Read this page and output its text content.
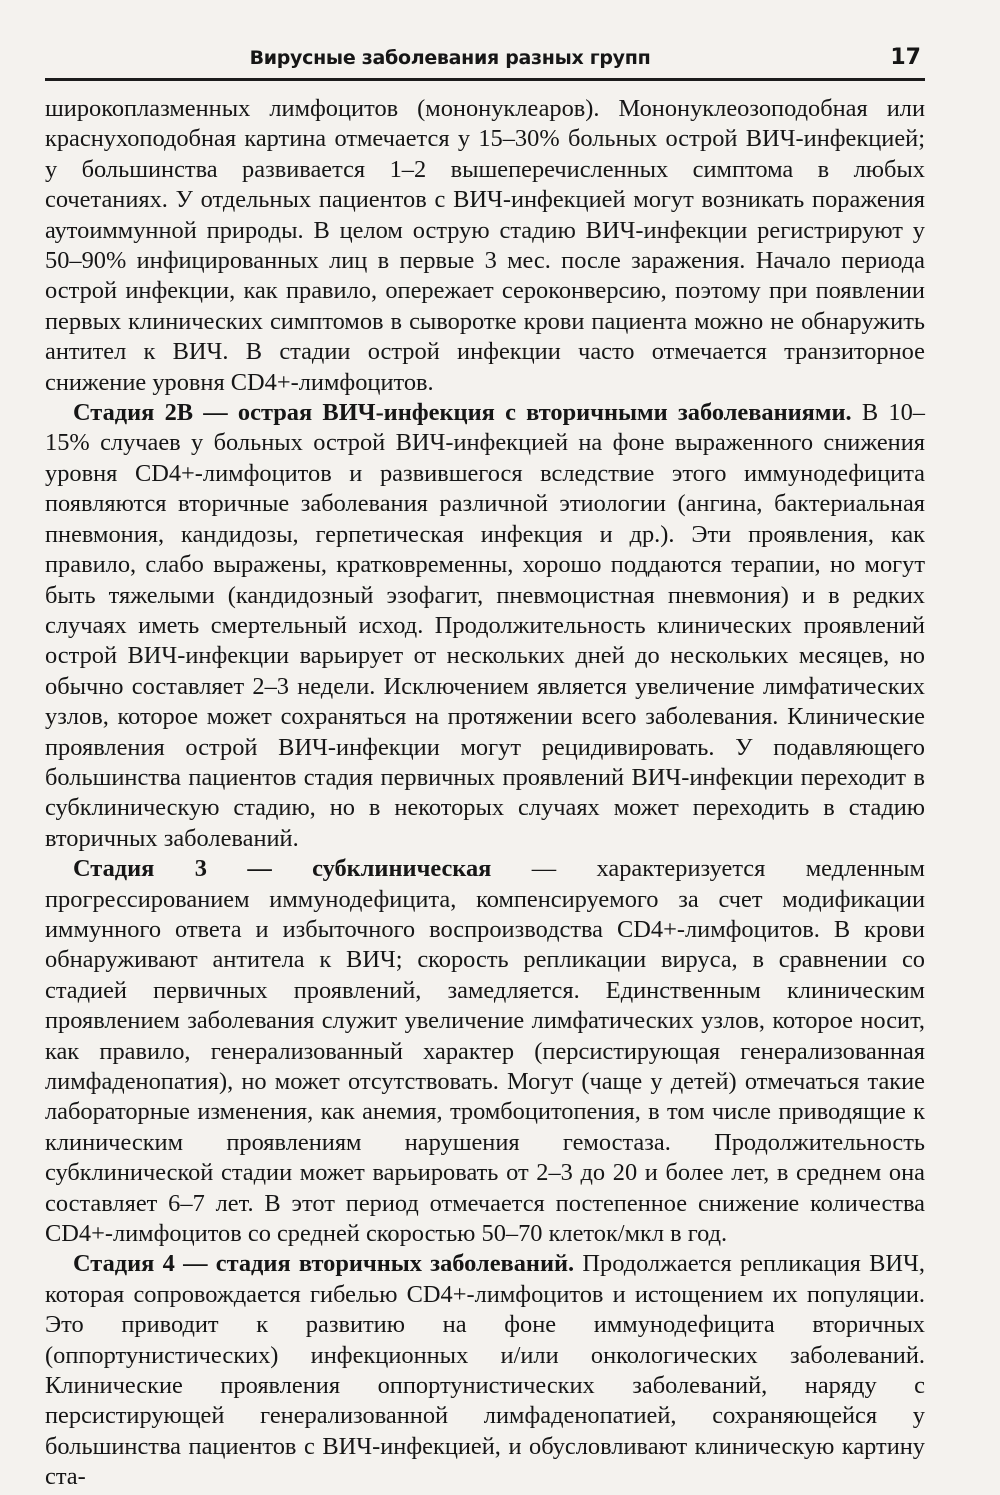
Вирусные заболевания разных групп	17

широкоплазменных лимфоцитов (мононуклеаров). Мононуклеозоподобная или краснухоподобная картина отмечается у 15–30% больных острой ВИЧ-инфекцией; у большинства развивается 1–2 вышеперечисленных симптома в любых сочетаниях. У отдельных пациентов с ВИЧ-инфекцией могут возникать поражения аутоиммунной природы. В целом острую стадию ВИЧ-инфекции регистрируют у 50–90% инфицированных лиц в первые 3 мес. после заражения. Начало периода острой инфекции, как правило, опережает сероконверсию, поэтому при появлении первых клинических симптомов в сыворотке крови пациента можно не обнаружить антител к ВИЧ. В стадии острой инфекции часто отмечается транзиторное снижение уровня CD4+-лимфоцитов.

Стадия 2В — острая ВИЧ-инфекция с вторичными заболеваниями. В 10–15% случаев у больных острой ВИЧ-инфекцией на фоне выраженного снижения уровня CD4+-лимфоцитов и развившегося вследствие этого иммунодефицита появляются вторичные заболевания различной этиологии (ангина, бактериальная пневмония, кандидозы, герпетическая инфекция и др.). Эти проявления, как правило, слабо выражены, кратковременны, хорошо поддаются терапии, но могут быть тяжелыми (кандидозный эзофагит, пневмоцистная пневмония) и в редких случаях иметь смертельный исход. Продолжительность клинических проявлений острой ВИЧ-инфекции варьирует от нескольких дней до нескольких месяцев, но обычно составляет 2–3 недели. Исключением является увеличение лимфатических узлов, которое может сохраняться на протяжении всего заболевания. Клинические проявления острой ВИЧ-инфекции могут рецидивировать. У подавляющего большинства пациентов стадия первичных проявлений ВИЧ-инфекции переходит в субклиническую стадию, но в некоторых случаях может переходить в стадию вторичных заболеваний.

Стадия 3 — субклиническая — характеризуется медленным прогрессированием иммунодефицита, компенсируемого за счет модификации иммунного ответа и избыточного воспроизводства CD4+-лимфоцитов. В крови обнаруживают антитела к ВИЧ; скорость репликации вируса, в сравнении со стадией первичных проявлений, замедляется. Единственным клиническим проявлением заболевания служит увеличение лимфатических узлов, которое носит, как правило, генерализованный характер (персистирующая генерализованная лимфаденопатия), но может отсутствовать. Могут (чаще у детей) отмечаться такие лабораторные изменения, как анемия, тромбоцитопения, в том числе приводящие к клиническим проявлениям нарушения гемостаза. Продолжительность субклинической стадии может варьировать от 2–3 до 20 и более лет, в среднем она составляет 6–7 лет. В этот период отмечается постепенное снижение количества CD4+-лимфоцитов со средней скоростью 50–70 клеток/мкл в год.

Стадия 4 — стадия вторичных заболеваний. Продолжается репликация ВИЧ, которая сопровождается гибелью CD4+-лимфоцитов и истощением их популяции. Это приводит к развитию на фоне иммунодефицита вторичных (оппортунистических) инфекционных и/или онкологических заболеваний. Клинические проявления оппортунистических заболеваний, наряду с персистирующей генерализованной лимфаденопатией, сохраняющейся у большинства пациентов с ВИЧ-инфекцией, и обусловливают клиническую картину ста-
